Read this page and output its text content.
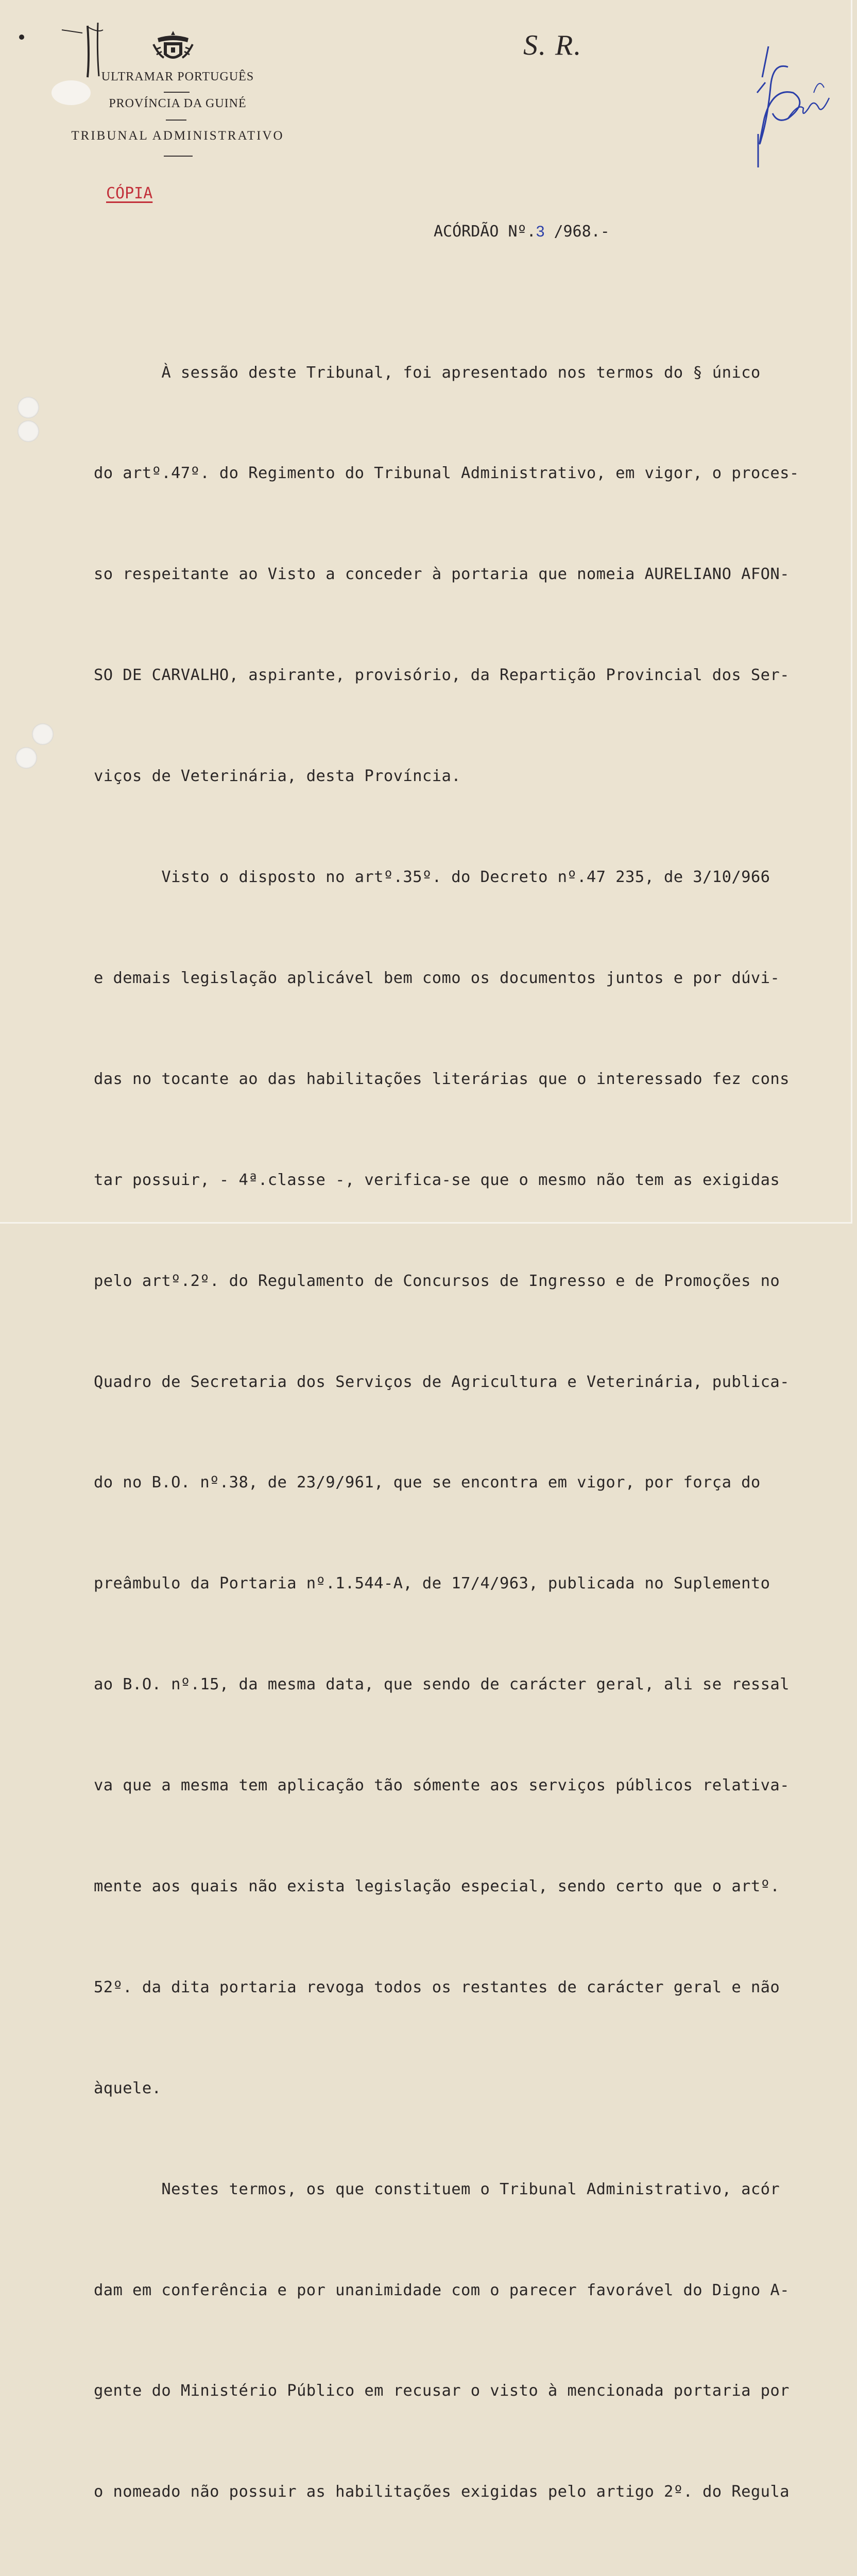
ULTRAMAR PORTUGUÊS
PROVÍNCIA DA GUINÉ
TRIBUNAL ADMINISTRATIVO
S. R.
CÓPIA
ACÓRDÃO Nº.3 /968.-

À sessão deste Tribunal, foi apresentado nos termos do § único

do artº.47º. do Regimento do Tribunal Administrativo, em vigor, o proces-

so respeitante ao Visto a conceder à portaria que nomeia AURELIANO AFON-

SO DE CARVALHO, aspirante, provisório, da Repartição Provincial dos Ser-

viços de Veterinária, desta Província.

Visto o disposto no artº.35º. do Decreto nº.47 235, de 3/10/966

e demais legislação aplicável bem como os documentos juntos e por dúvi-

das no tocante ao das habilitações literárias que o interessado fez cons

tar possuir, - 4ª.classe -, verifica-se que o mesmo não tem as exigidas

pelo artº.2º. do Regulamento de Concursos de Ingresso e de Promoções no

Quadro de Secretaria dos Serviços de Agricultura e Veterinária, publica-

do no B.O. nº.38, de 23/9/961, que se encontra em vigor, por força do

preâmbulo da Portaria nº.1.544-A, de 17/4/963, publicada no Suplemento

ao B.O. nº.15, da mesma data, que sendo de carácter geral, ali se ressal

va que a mesma tem aplicação tão sómente aos serviços públicos relativa-

mente aos quais não exista legislação especial, sendo certo que o artº.

52º. da dita portaria revoga todos os restantes de carácter geral e não

àquele.

Nestes termos, os que constituem o Tribunal Administrativo, acór

dam em conferência e por unanimidade com o parecer favorável do Digno A-

gente do Ministério Público em recusar o visto à mencionada portaria por

o nomeado não possuir as habilitações exigidas pelo artigo 2º. do Regula
